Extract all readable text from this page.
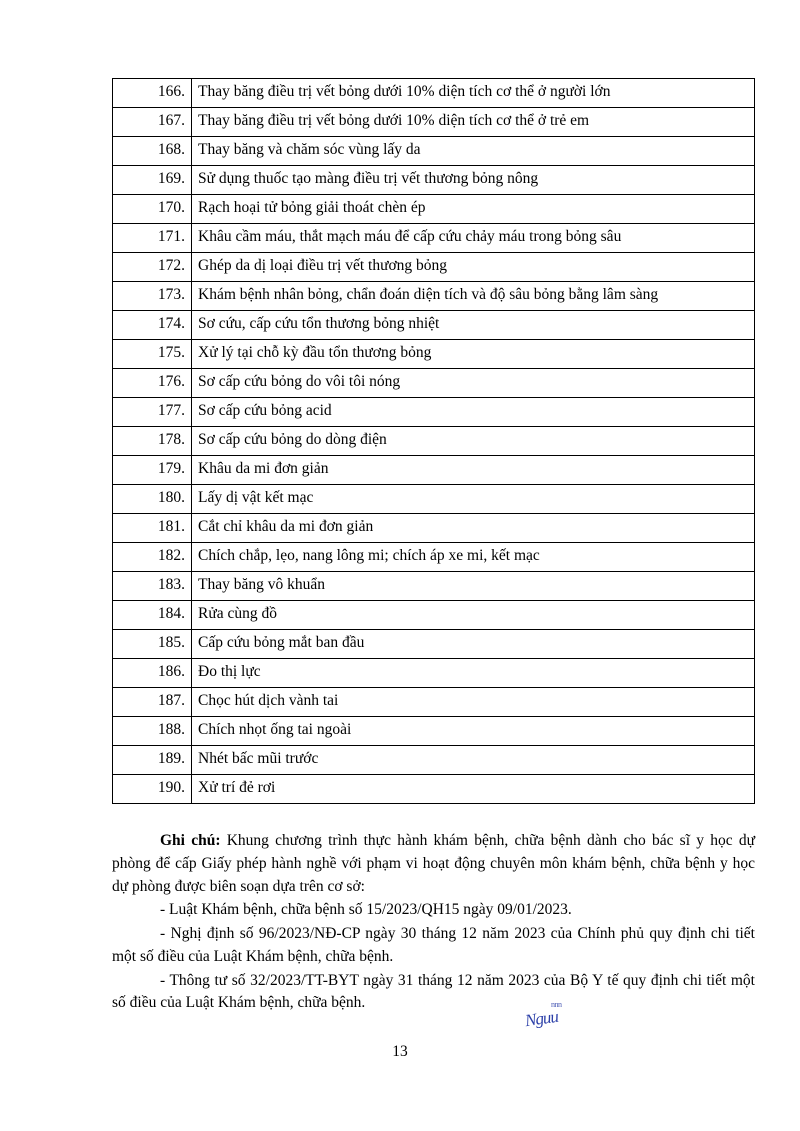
166.	Thay băng điều trị vết bỏng dưới 10% diện tích cơ thể ở người lớn
167.	Thay băng điều trị vết bỏng dưới 10% diện tích cơ thể ở trẻ em
168.	Thay băng và chăm sóc vùng lấy da
169.	Sử dụng thuốc tạo màng điều trị vết thương bỏng nông
170.	Rạch hoại tử bỏng giải thoát chèn ép
171.	Khâu cầm máu, thắt mạch máu để cấp cứu chảy máu trong bỏng sâu
172.	Ghép da dị loại điều trị vết thương bỏng
173.	Khám bệnh nhân bỏng, chẩn đoán diện tích và độ sâu bỏng bằng lâm sàng
174.	Sơ cứu, cấp cứu tổn thương bỏng nhiệt
175.	Xử lý tại chỗ kỳ đầu tổn thương bỏng
176.	Sơ cấp cứu bỏng do vôi tôi nóng
177.	Sơ cấp cứu bỏng acid
178.	Sơ cấp cứu bỏng do dòng điện
179.	Khâu da mi đơn giản
180.	Lấy dị vật kết mạc
181.	Cắt chỉ khâu da mi đơn giản
182.	Chích chắp, lẹo, nang lông mi; chích áp xe mi, kết mạc
183.	Thay băng vô khuẩn
184.	Rửa cùng đồ
185.	Cấp cứu bỏng mắt ban đầu
186.	Đo thị lực
187.	Chọc hút dịch vành tai
188.	Chích nhọt ống tai ngoài
189.	Nhét bấc mũi trước
190.	Xử trí đẻ rơi

Ghi chú: Khung chương trình thực hành khám bệnh, chữa bệnh dành cho bác sĩ y học dự phòng để cấp Giấy phép hành nghề với phạm vi hoạt động chuyên môn khám bệnh, chữa bệnh y học dự phòng được biên soạn dựa trên cơ sở:

- Luật Khám bệnh, chữa bệnh số 15/2023/QH15 ngày 09/01/2023.

- Nghị định số 96/2023/NĐ-CP ngày 30 tháng 12 năm 2023 của Chính phủ quy định chi tiết một số điều của Luật Khám bệnh, chữa bệnh.

- Thông tư số 32/2023/TT-BYT ngày 31 tháng 12 năm 2023 của Bộ Y tế quy định chi tiết một số điều của Luật Khám bệnh, chữa bệnh.	nnn
Nguu
13
